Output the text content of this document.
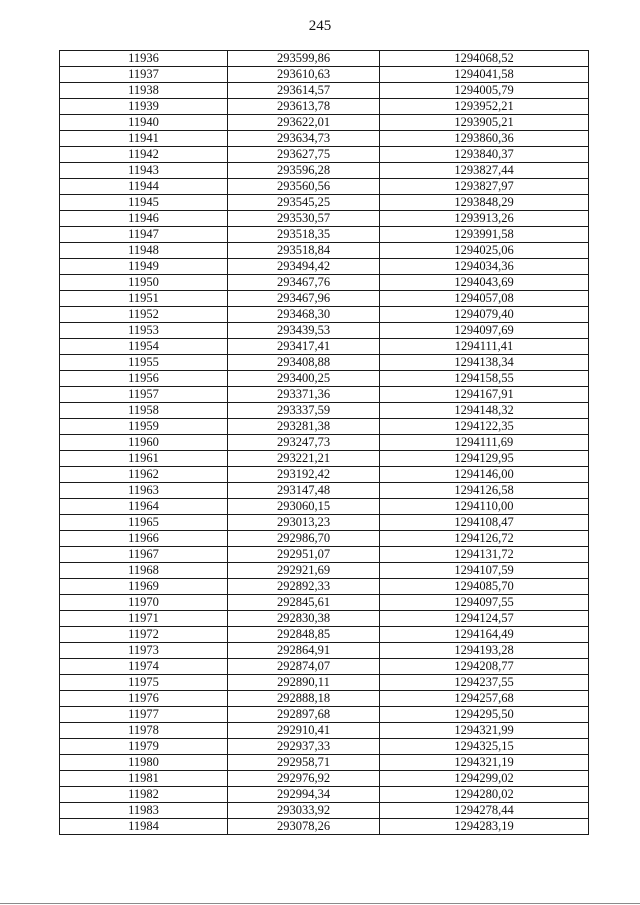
245
11936	293599,86	1294068,52
11937	293610,63	1294041,58
11938	293614,57	1294005,79
11939	293613,78	1293952,21
11940	293622,01	1293905,21
11941	293634,73	1293860,36
11942	293627,75	1293840,37
11943	293596,28	1293827,44
11944	293560,56	1293827,97
11945	293545,25	1293848,29
11946	293530,57	1293913,26
11947	293518,35	1293991,58
11948	293518,84	1294025,06
11949	293494,42	1294034,36
11950	293467,76	1294043,69
11951	293467,96	1294057,08
11952	293468,30	1294079,40
11953	293439,53	1294097,69
11954	293417,41	1294111,41
11955	293408,88	1294138,34
11956	293400,25	1294158,55
11957	293371,36	1294167,91
11958	293337,59	1294148,32
11959	293281,38	1294122,35
11960	293247,73	1294111,69
11961	293221,21	1294129,95
11962	293192,42	1294146,00
11963	293147,48	1294126,58
11964	293060,15	1294110,00
11965	293013,23	1294108,47
11966	292986,70	1294126,72
11967	292951,07	1294131,72
11968	292921,69	1294107,59
11969	292892,33	1294085,70
11970	292845,61	1294097,55
11971	292830,38	1294124,57
11972	292848,85	1294164,49
11973	292864,91	1294193,28
11974	292874,07	1294208,77
11975	292890,11	1294237,55
11976	292888,18	1294257,68
11977	292897,68	1294295,50
11978	292910,41	1294321,99
11979	292937,33	1294325,15
11980	292958,71	1294321,19
11981	292976,92	1294299,02
11982	292994,34	1294280,02
11983	293033,92	1294278,44
11984	293078,26	1294283,19
